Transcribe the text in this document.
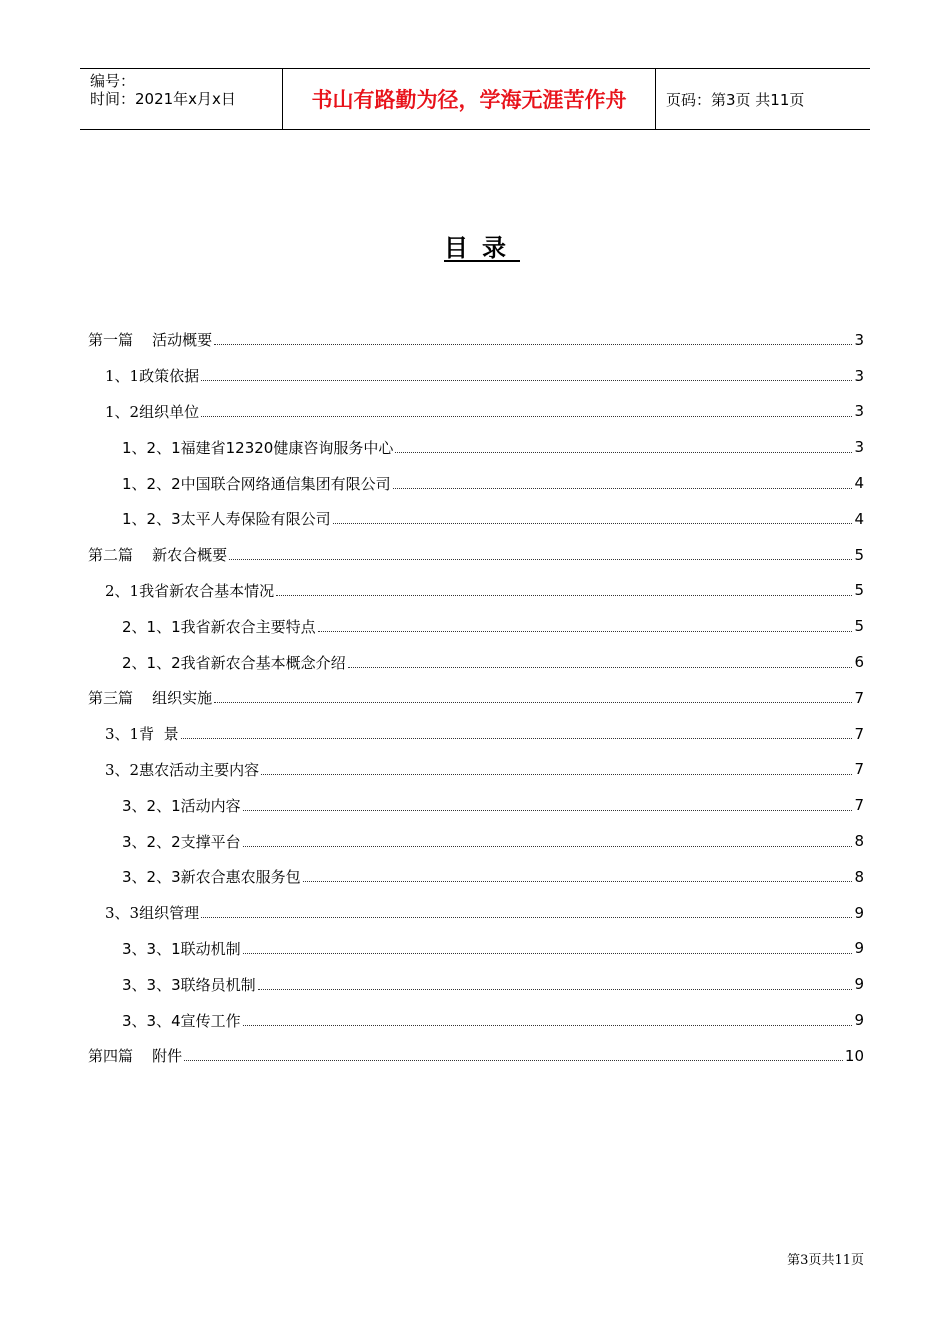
编号：
时间：2021年x月x日	书山有路勤为径，学海无涯苦作舟	页码：第3页 共11页
目录
第一篇    活动概要	3
1、1政策依据	3
1、2组织单位	3
1、2、1福建省12320健康咨询服务中心	3
1、2、2中国联合网络通信集团有限公司	4
1、2、3太平人寿保险有限公司	4
第二篇    新农合概要	5
2、1我省新农合基本情况	5
2、1、1我省新农合主要特点	5
2、1、2我省新农合基本概念介绍	6
第三篇    组织实施	7
3、1背  景	7
3、2惠农活动主要内容	7
3、2、1活动内容	7
3、2、2支撑平台	8
3、2、3新农合惠农服务包	8
3、3组织管理	9
3、3、1联动机制	9
3、3、3联络员机制	9
3、3、4宣传工作	9
第四篇    附件	10
第3页共11页
